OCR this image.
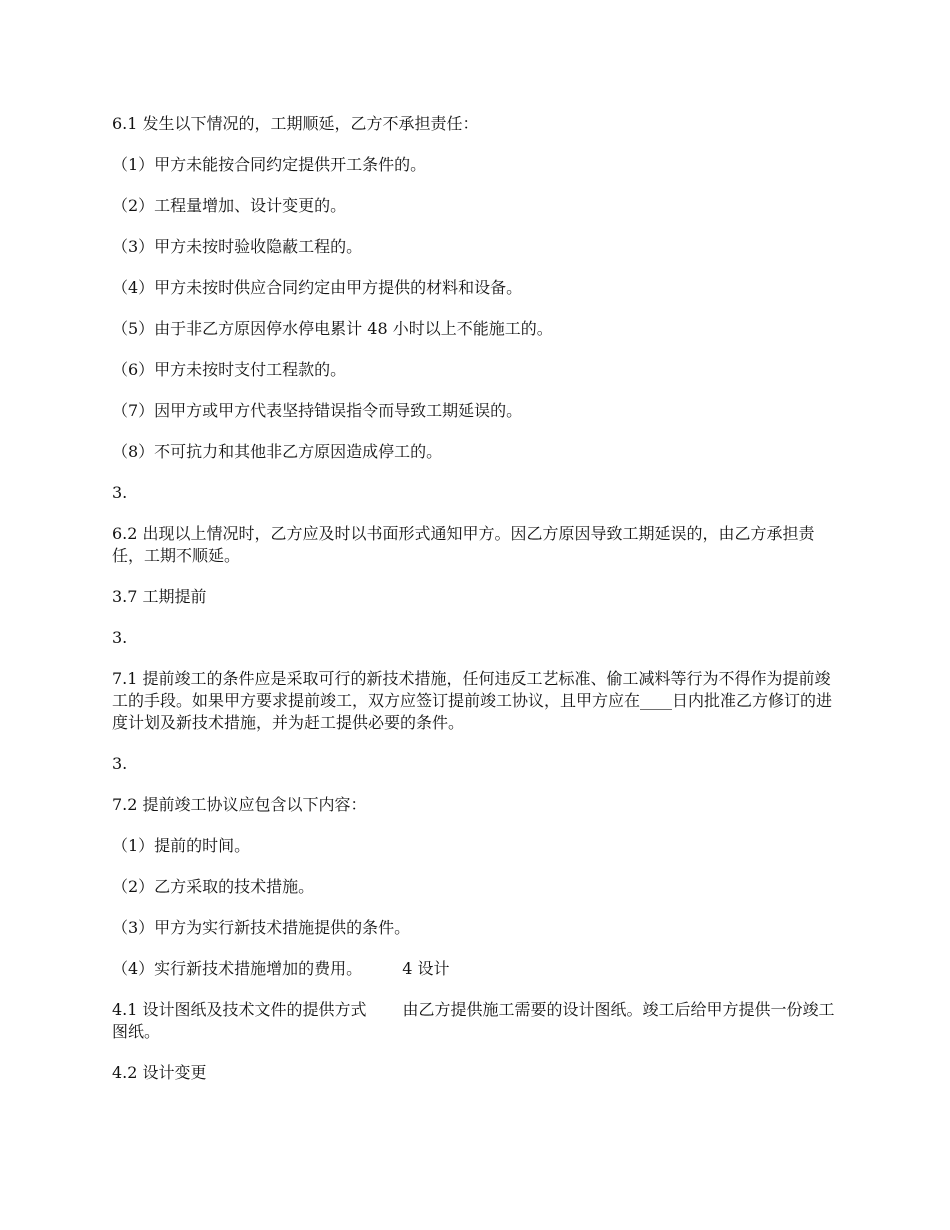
6.1 发生以下情况的，工期顺延，乙方不承担责任：

（1）甲方未能按合同约定提供开工条件的。

（2）工程量增加、设计变更的。

（3）甲方未按时验收隐蔽工程的。

（4）甲方未按时供应合同约定由甲方提供的材料和设备。

（5）由于非乙方原因停水停电累计 48 小时以上不能施工的。

（6）甲方未按时支付工程款的。

（7）因甲方或甲方代表坚持错误指令而导致工期延误的。

（8）不可抗力和其他非乙方原因造成停工的。

3.

6.2 出现以上情况时，乙方应及时以书面形式通知甲方。因乙方原因导致工期延误的，由乙方承担责任，工期不顺延。

3.7 工期提前

3.

7.1 提前竣工的条件应是采取可行的新技术措施，任何违反工艺标准、偷工减料等行为不得作为提前竣工的手段。如果甲方要求提前竣工，双方应签订提前竣工协议，且甲方应在____日内批准乙方修订的进度计划及新技术措施，并为赶工提供必要的条件。

3.

7.2 提前竣工协议应包含以下内容：

（1）提前的时间。

（2）乙方采取的技术措施。

（3）甲方为实行新技术措施提供的条件。

（4）实行新技术措施增加的费用。	4 设计

4.1 设计图纸及技术文件的提供方式 由乙方提供施工需要的设计图纸。竣工后给甲方提供一份竣工图纸。

4.2 设计变更
